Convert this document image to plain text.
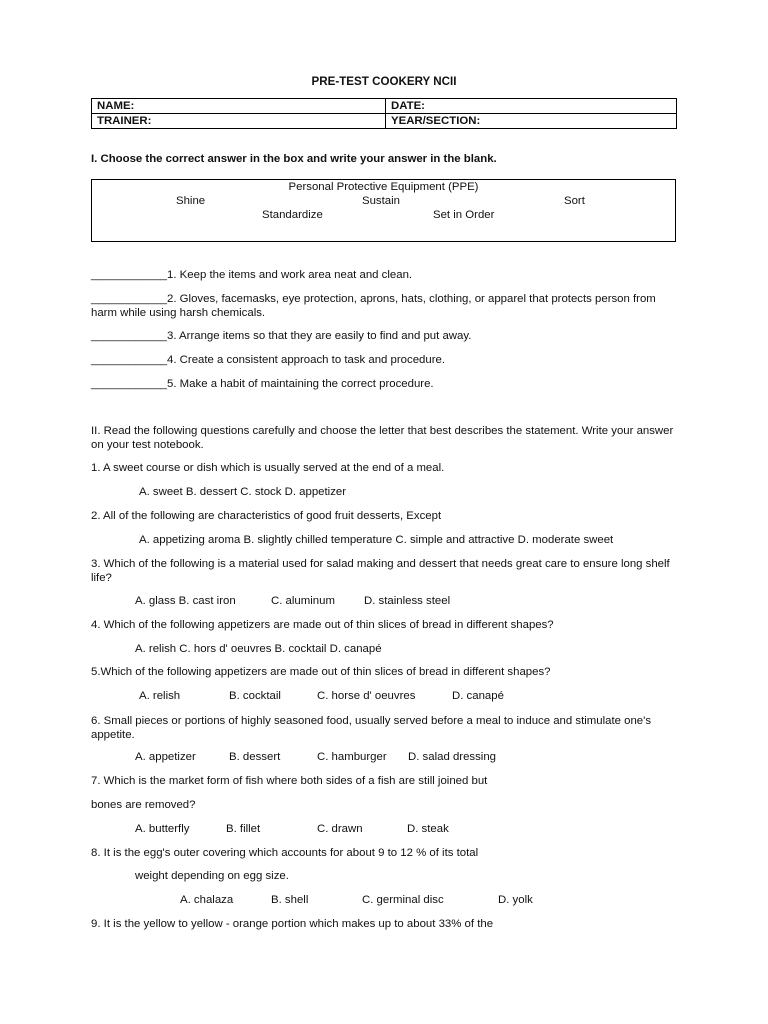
PRE-TEST COOKERY NCII
NAME:	DATE:
TRAINER:	YEAR/SECTION:
I. Choose the correct answer in the box and write your answer in the blank.
Personal Protective Equipment (PPE)
Shine	Sustain	Sort
Standardize	Set in Order
____________1. Keep the items and work area neat and clean.
____________2. Gloves, facemasks, eye protection, aprons, hats, clothing, or apparel that protects person from harm while using harsh chemicals.
____________3. Arrange items so that they are easily to find and put away.
____________4. Create a consistent approach to task and procedure.
____________5. Make a habit of maintaining the correct procedure.
II. Read the following questions carefully and choose the letter that best describes the statement. Write your answer on your test notebook.
1. A sweet course or dish which is usually served at the end of a meal.
A. sweet B. dessert C. stock D. appetizer
2. All of the following are characteristics of good fruit desserts, Except
A. appetizing aroma B. slightly chilled temperature C. simple and attractive D. moderate sweet
3. Which of the following is a material used for salad making and dessert that needs great care to ensure long shelf life?
A. glass B. cast iron	C. aluminum	D. stainless steel
4. Which of the following appetizers are made out of thin slices of bread in different shapes?
A. relish C. hors d' oeuvres B. cocktail D. canapé
5.Which of the following appetizers are made out of thin slices of bread in different shapes?
A. relish	B. cocktail	C. horse d' oeuvres	D. canapé
6. Small pieces or portions of highly seasoned food, usually served before a meal to induce and stimulate one's appetite.
A. appetizer	B. dessert	C. hamburger D. salad dressing
7. Which is the market form of fish where both sides of a fish are still joined but
bones are removed?
A. butterfly	B. fillet	C. drawn	D. steak
8. It is the egg's outer covering which accounts for about 9 to 12 % of its total
weight depending on egg size.
A. chalaza	B. shell	C. germinal disc	D. yolk
9. It is the yellow to yellow - orange portion which makes up to about 33% of the
